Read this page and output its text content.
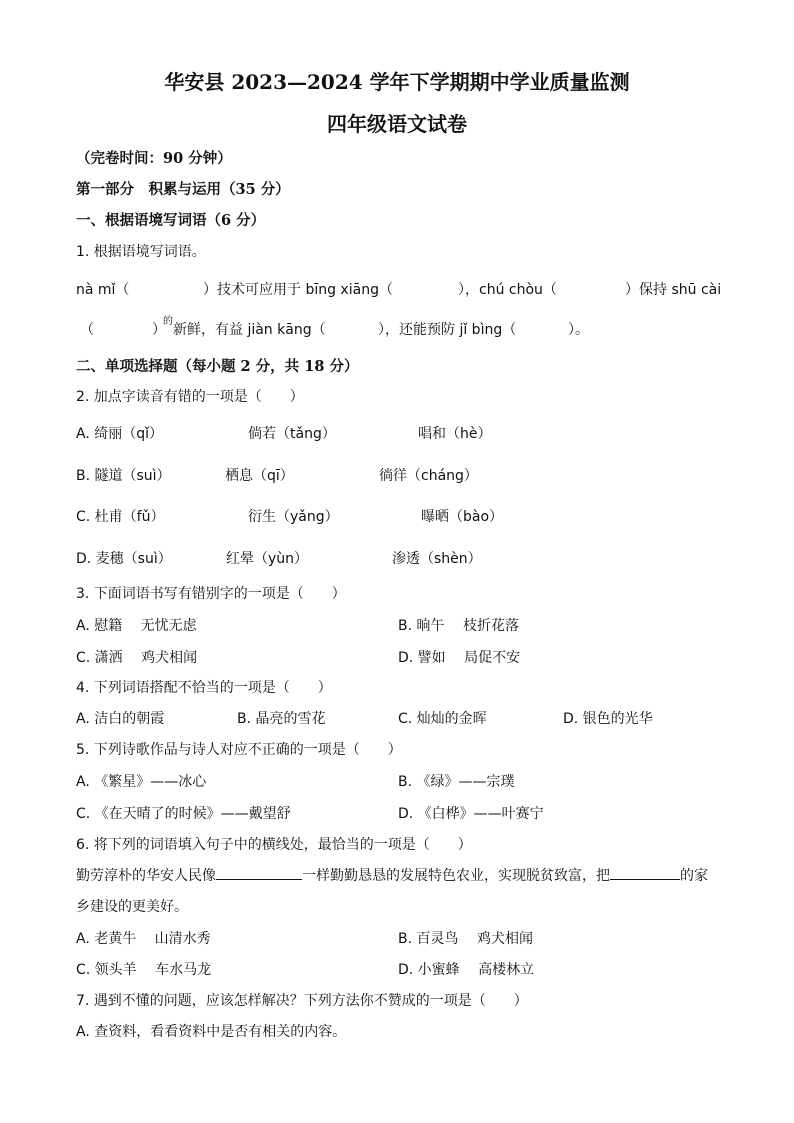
华安县 2023—2024 学年下学期期中学业质量监测
四年级语文试卷
（完卷时间：90 分钟）
第一部分　积累与运用（35 分）
一、根据语境写词语（6 分）
1. 根据语境写词语。
nà mǐ（	）技术可应用于 bīng xiāng（	），chú chòu（	）保持 shū cài
（	）
的
新鲜，有益 jiàn kāng（	），还能预防 jǐ bìng（	）。
二、单项选择题（每小题 2 分，共 18 分）
2. 加点字读音有错的一项是（　　）
A. 绮丽（qǐ）	倘若（tǎng）	唱和（hè）
B. 隧道（suì）	栖息（qī）	徜徉（cháng）
C. 杜甫（fǔ）	衍生（yǎng）	曝晒（bào）
D. 麦穗（suì）	红晕（yùn）	渗透（shèn）
3. 下面词语书写有错别字的一项是（　　）
A. 慰籍　 无忧无虑	B. 晌午　 枝折花落
C. 潇洒　 鸡犬相闻	D. 譬如　 局促不安
4. 下列词语搭配不恰当的一项是（　　）
A. 洁白的朝霞	B. 晶亮的雪花	C. 灿灿的金晖	D. 银色的光华
5. 下列诗歌作品与诗人对应不正确的一项是（　　）
A. 《繁星》——冰心	B. 《绿》——宗璞
C. 《在天晴了的时候》——戴望舒	D. 《白桦》——叶赛宁
6. 将下列的词语填入句子中的横线处，最恰当的一项是（　　）
勤劳淳朴的华安人民像	一样勤勤恳恳的发展特色农业，实现脱贫致富，把	的家
乡建设的更美好。
A. 老黄牛　 山清水秀	B. 百灵鸟　 鸡犬相闻
C. 领头羊　 车水马龙	D. 小蜜蜂　 高楼林立
7. 遇到不懂的问题，应该怎样解决？下列方法你不赞成的一项是（　　）
A. 查资料，看看资料中是否有相关的内容。
